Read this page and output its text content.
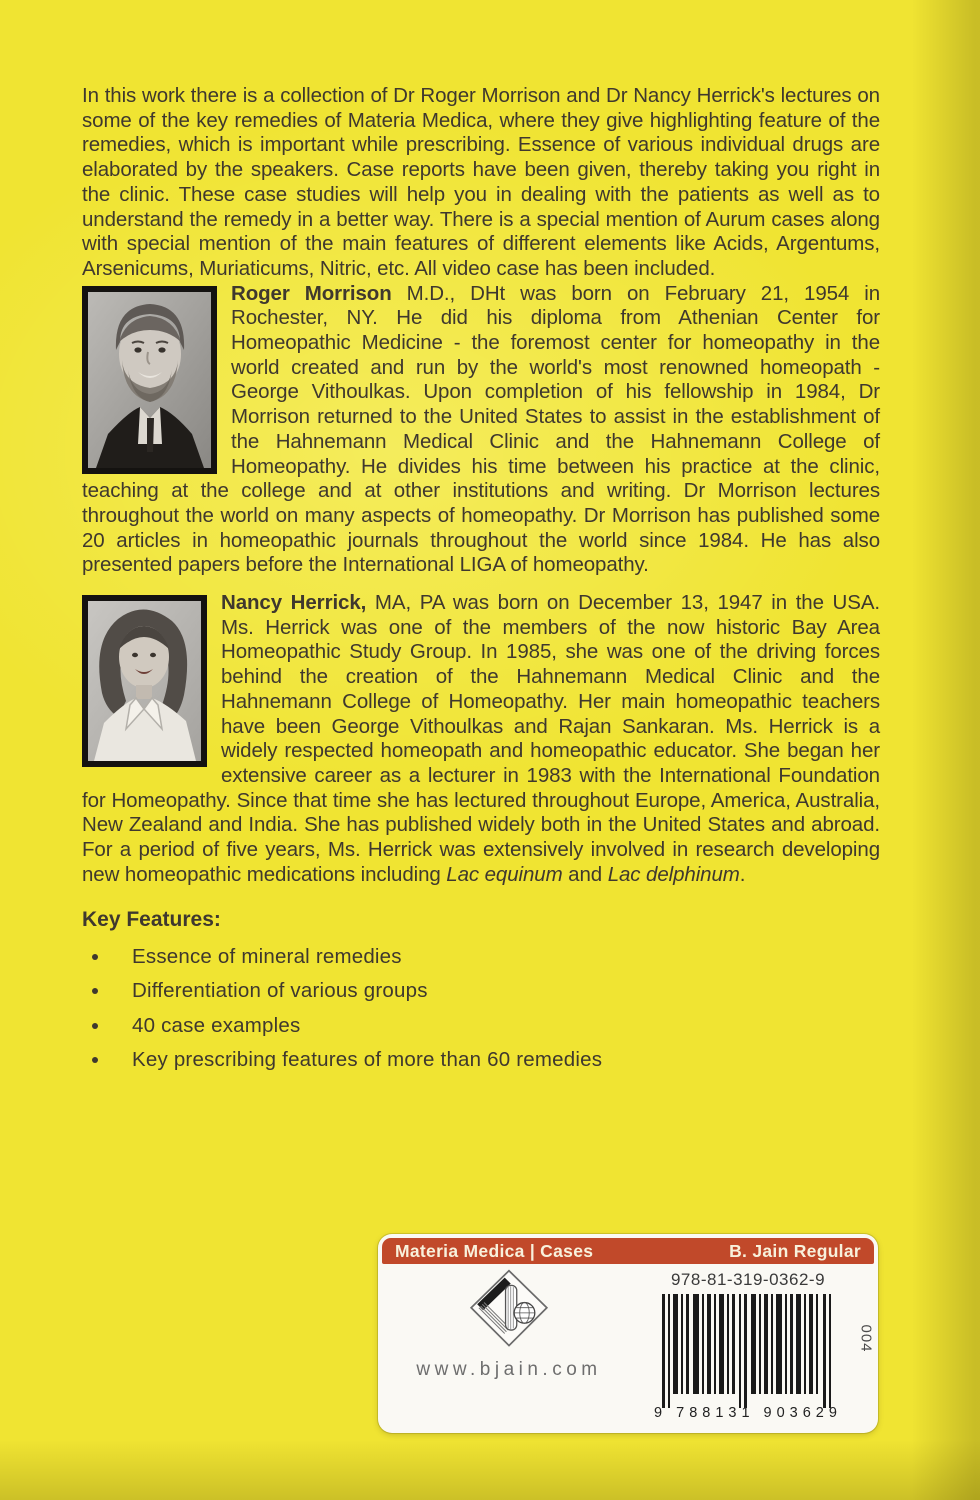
In this work there is a collection of Dr Roger Morrison and Dr Nancy Herrick's lectures on some of the key remedies of Materia Medica, where they give highlighting feature of the remedies, which is important while prescribing. Essence of various individual drugs are elaborated by the speakers. Case reports have been given, thereby taking you right in the clinic. These case studies will help you in dealing with the patients as well as to understand the remedy in a better way. There is a special mention of Aurum cases along with special mention of the main features of different elements like Acids, Argentums, Arsenicums, Muriaticums, Nitric, etc. All video case has been included.

Roger Morrison M.D., DHt was born on February 21, 1954 in Rochester, NY. He did his diploma from Athenian Center for Homeopathic Medicine - the foremost center for homeopathy in the world created and run by the world's most renowned homeopath - George Vithoulkas. Upon completion of his fellowship in 1984, Dr Morrison returned to the United States to assist in the establishment of the Hahnemann Medical Clinic and the Hahnemann College of Homeopathy. He divides his time between his practice at the clinic, teaching at the college and at other institutions and writing. Dr Morrison lectures throughout the world on many aspects of homeopathy. Dr Morrison has published some 20 articles in homeopathic journals throughout the world since 1984. He has also presented papers before the International LIGA of homeopathy.

Nancy Herrick, MA, PA was born on December 13, 1947 in the USA. Ms. Herrick was one of the members of the now historic Bay Area Homeopathic Study Group. In 1985, she was one of the driving forces behind the creation of the Hahnemann Medical Clinic and the Hahnemann College of Homeopathy. Her main homeopathic teachers have been George Vithoulkas and Rajan Sankaran. Ms. Herrick is a widely respected homeopath and homeopathic educator. She began her extensive career as a lecturer in 1983 with the International Foundation for Homeopathy. Since that time she has lectured throughout Europe, America, Australia, New Zealand and India. She has published widely both in the United States and abroad. For a period of five years, Ms. Herrick was extensively involved in research developing new homeopathic medications including Lac equinum and Lac delphinum.

Key Features:
Essence of mineral remedies
Differentiation of various groups
40 case examples
Key prescribing features of more than 60 remedies
Materia Medica | Cases	B. Jain Regular
www.bjain.com
978-81-319-0362-9
9 788131 903629
004
